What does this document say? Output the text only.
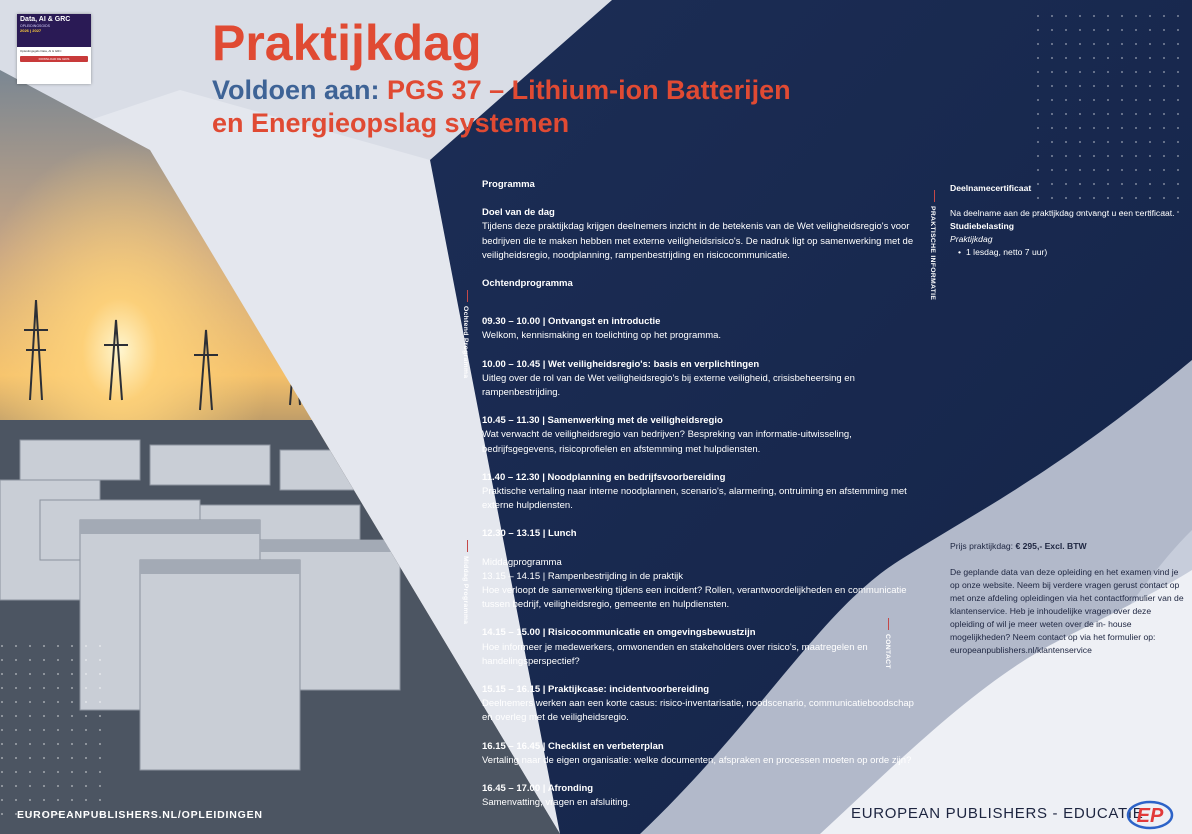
Data, AI & GRC
OPLEIDINGSGIDS
2026 | 2027
Opleidingsgids Data, AI & GRC
DOWNLOAD DE GIDS	Praktijkdag
Voldoen aan: PGS 37 – Lithium-ion Batterijen
en Energieopslag systemen
Ochtend Programma
Middag Programma
PRAKTISCHE INFORMATIE
CONTACT

Programma

Doel van de dag

Tijdens deze praktijkdag krijgen deelnemers inzicht in de betekenis van de Wet veiligheidsregio's voor bedrijven die te maken hebben met externe veiligheidsrisico's. De nadruk ligt op samenwerking met de veiligheidsregio, noodplanning, rampenbestrijding en risicocommunicatie.

Ochtendprogramma

09.30 – 10.00 | Ontvangst en introductie

Welkom, kennismaking en toelichting op het programma.

10.00 – 10.45 | Wet veiligheidsregio's: basis en verplichtingen

Uitleg over de rol van de Wet veiligheidsregio's bij externe veiligheid, crisisbeheersing en rampenbestrijding.

10.45 – 11.30 | Samenwerking met de veiligheidsregio

Wat verwacht de veiligheidsregio van bedrijven? Bespreking van informatie-uitwisseling, bedrijfsgegevens, risicoprofielen en afstemming met hulpdiensten.

11.40 – 12.30 | Noodplanning en bedrijfsvoorbereiding

Praktische vertaling naar interne noodplannen, scenario's, alarmering, ontruiming en afstemming met externe hulpdiensten.

12.30 – 13.15 | Lunch

Middagprogramma

13.15 – 14.15 | Rampenbestrijding in de praktijk

Hoe verloopt de samenwerking tijdens een incident? Rollen, verantwoordelijkheden en communicatie tussen bedrijf, veiligheidsregio, gemeente en hulpdiensten.

14.15 – 15.00 | Risicocommunicatie en omgevingsbewustzijn

Hoe informeer je medewerkers, omwonenden en stakeholders over risico's, maatregelen en handelingsperspectief?

15.15 – 16.15 | Praktijkcase: incidentvoorbereiding

Deelnemers werken aan een korte casus: risico-inventarisatie, noodscenario, communicatieboodschap en overleg met de veiligheidsregio.

16.15 – 16.45 | Checklist en verbeterplan

Vertaling naar de eigen organisatie: welke documenten, afspraken en processen moeten op orde zijn?

16.45 – 17.00 | Afronding

Samenvatting, vragen en afsluiting.

Deelnamecertificaat

Na deelname aan de praktijkdag ontvangt u een certificaat.

Studiebelasting

Praktijkdag

• 1 lesdag, netto 7 uur)

Prijs praktijkdag: € 295,- Excl. BTW

De geplande data van deze opleiding en het examen vind je op onze website. Neem bij verdere vragen gerust contact op met onze afdeling opleidingen via het contactformulier van de klantenservice. Heb je inhoudelijke vragen over deze opleiding of wil je meer weten over de in- house mogelijkheden? Neem contact op via het formulier op: europeanpublishers.nl/klantenservice

EUROPEANPUBLISHERS.NL/OPLEIDINGEN	EUROPEAN PUBLISHERS - EDUCATIE
EP
